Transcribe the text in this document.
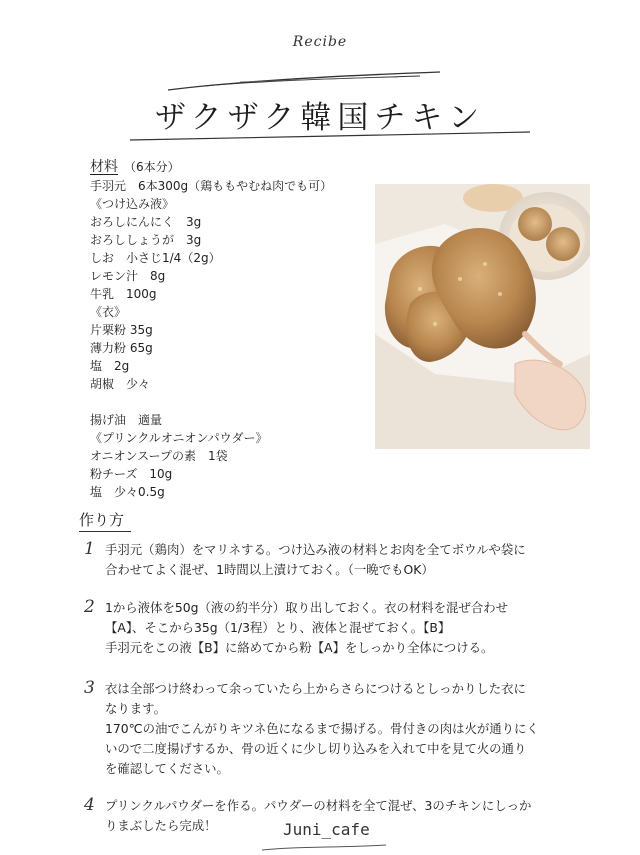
Recibe
ザクザク韓国チキン
材料 （6本分）
手羽元　6本300g（鶏ももやむね肉でも可）
《つけ込み液》
おろしにんにく　3g
おろししょうが　3g
しお　小さじ1/4（2g）
レモン汁　8g
牛乳　100g
《衣》
片栗粉 35g
薄力粉 65g
塩　2g
胡椒　少々
揚げ油　適量
《プリンクルオニオンパウダー》
オニオンスープの素　1袋
粉チーズ　10g
塩　少々0.5g
作り方
1 手羽元（鶏肉）をマリネする。つけ込み液の材料とお肉を全てボウルや袋に
合わせてよく混ぜ、1時間以上漬けておく。（一晩でもOK）
2 1から液体を50g（液の約半分）取り出しておく。衣の材料を混ぜ合わせ
【A】、そこから35g（1/3程）とり、液体と混ぜておく。【B】
手羽元をこの液【B】に絡めてから粉【A】をしっかり全体につける。
3 衣は全部つけ終わって余っていたら上からさらにつけるとしっかりした衣に
なります。
170℃の油でこんがりキツネ色になるまで揚げる。骨付きの肉は火が通りにく
いので二度揚げするか、骨の近くに少し切り込みを入れて中を見て火の通り
を確認してください。
4 プリンクルパウダーを作る。パウダーの材料を全て混ぜ、3のチキンにしっか
りまぶしたら完成！	Juni_cafe
